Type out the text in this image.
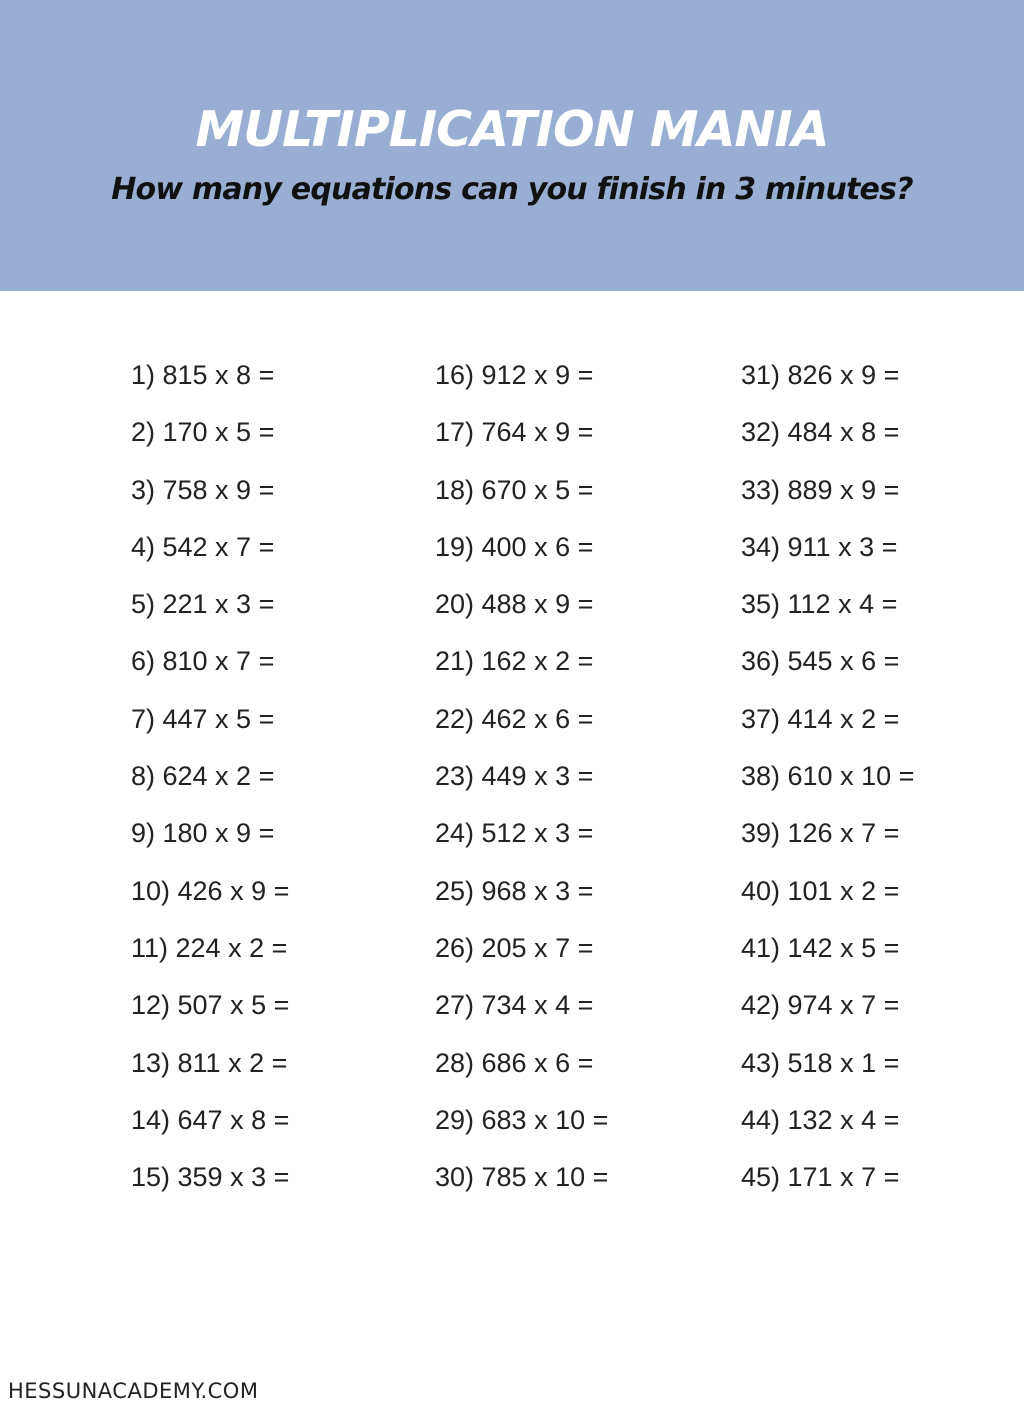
MULTIPLICATION MANIA
How many equations can you finish in 3 minutes?
1) 815 x 8 =
2) 170 x 5 =
3) 758 x 9 =
4) 542 x 7 =
5) 221 x 3 =
6) 810 x 7 =
7) 447 x 5 =
8) 624 x 2 =
9) 180 x 9 =
10) 426 x 9 =
11) 224 x 2 =
12) 507 x 5 =
13) 811 x 2 =
14) 647 x 8 =
15) 359 x 3 =
16) 912 x 9 =
17) 764 x 9 =
18) 670 x 5 =
19) 400 x 6 =
20) 488 x 9 =
21) 162 x 2 =
22) 462 x 6 =
23) 449 x 3 =
24) 512 x 3 =
25) 968 x 3 =
26) 205 x 7 =
27) 734 x 4 =
28) 686 x 6 =
29) 683 x 10 =
30) 785 x 10 =
31) 826 x 9 =
32) 484 x 8 =
33) 889 x 9 =
34) 911 x 3 =
35) 112 x 4 =
36) 545 x 6 =
37) 414 x 2 =
38) 610 x 10 =
39) 126 x 7 =
40) 101 x 2 =
41) 142 x 5 =
42) 974 x 7 =
43) 518 x 1 =
44) 132 x 4 =
45) 171 x 7 =
HESSUNACADEMY.COM
